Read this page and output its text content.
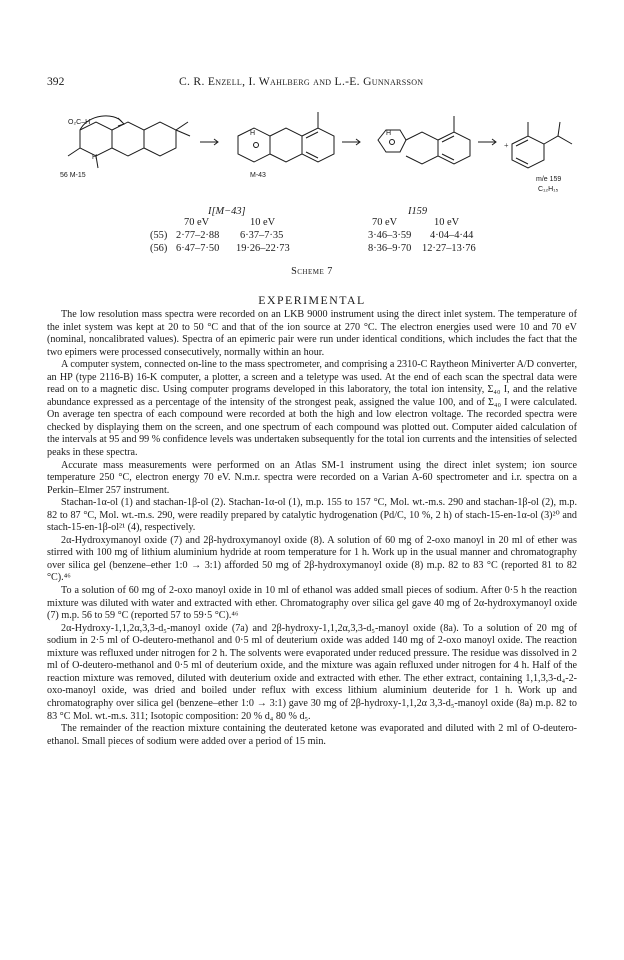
392	C. R. Enzell, I. Wahlberg and L.-E. Gunnarsson
+
O₂C–H
H
56 M-15
H
M-43
H
m/e 159
C₁₂H₁₅
I[M−43]	I159
70 eV	10 eV	70 eV	10 eV
(55) 2·77–2·88 6·37–7·35	3·46–3·59 4·04–4·44
(56) 6·47–7·50 19·26–22·73	8·36–9·70 12·27–13·76
Scheme 7
EXPERIMENTAL

The low resolution mass spectra were recorded on an LKB 9000 instrument using the direct inlet system. The temperature of the inlet system was kept at 20 to 50 °C and that of the ion source at 270 °C. The electron energies used were 10 and 70 eV (nominal, noncalibrated values). Spectra of an epimeric pair were run under identical conditions, which includes the fact that the two epimers were processed consecutively, normally within an hour.

A computer system, connected on-line to the mass spectrometer, and comprising a 2310-C Raytheon Miniverter A/D converter, an HP (type 2116-B) 16-K computer, a plotter, a screen and a teletype was used. At the end of each scan the spectral data were read on to a magnetic disc. Using computer programs developed in this laboratory, the total ion intensity, Σ₄₀ I, and the relative abundance expressed as a percentage of the intensity of the strongest peak, assigned the value 100, and of Σ₄₀ I were calculated. On average ten spectra of each compound were recorded at both the high and low electron voltage. The recorded spectra were checked by displaying them on the screen, and one spectrum of each compound was plotted out. Computer aided calculation of the intervals at 95 and 99 % confidence levels was undertaken subsequently for the total ion currents and the intensities of selected peaks in these spectra.

Accurate mass measurements were performed on an Atlas SM-1 instrument using the direct inlet system; ion source temperature 250 °C, electron energy 70 eV. N.m.r. spectra were recorded on a Varian A-60 spectrometer and i.r. spectra on a Perkin–Elmer 257 instrument.

Stachan-1α-ol (1) and stachan-1β-ol (2). Stachan-1α-ol (1), m.p. 155 to 157 °C, Mol. wt.-m.s. 290 and stachan-1β-ol (2), m.p. 82 to 87 °C, Mol. wt.-m.s. 290, were readily prepared by catalytic hydrogenation (Pd/C, 10 %, 2 h) of stach-15-en-1α-ol (3)²⁰ and stach-15-en-1β-ol²¹ (4), respectively.

2α-Hydroxymanoyl oxide (7) and 2β-hydroxymanoyl oxide (8). A solution of 60 mg of 2-oxo manoyl in 20 ml of ether was stirred with 100 mg of lithium aluminium hydride at room temperature for 1 h. Work up in the usual manner and chromatography over silica gel (benzene–ether 1:0 → 3:1) afforded 50 mg of 2β-hydroxymanoyl oxide (8) m.p. 82 to 83 °C (reported 81 to 82 °C).⁴⁶

To a solution of 60 mg of 2-oxo manoyl oxide in 10 ml of ethanol was added small pieces of sodium. After 0·5 h the reaction mixture was diluted with water and extracted with ether. Chromatography over silica gel gave 40 mg of 2α-hydroxymanoyl oxide (7) m.p. 56 to 59 °C (reported 57 to 59·5 °C).⁴⁶

2α-Hydroxy-1,1,2α,3,3-d₅-manoyl oxide (7a) and 2β-hydroxy-1,1,2α,3,3-d₅-manoyl oxide (8a). To a solution of 20 mg of sodium in 2·5 ml of O-deutero-methanol and 0·5 ml of deuterium oxide was added 140 mg of 2-oxo manoyl oxide. The reaction mixture was refluxed under nitrogen for 2 h. The solvents were evaporated under reduced pressure. The residue was dissolved in 2 ml of O-deutero-methanol and 0·5 ml of deuterium oxide, and the mixture was again refluxed under nitrogen for 4 h. Half of the reaction mixture was removed, diluted with deuterium oxide and extracted with ether. The ether extract, containing 1,1,3,3-d₄-2-oxo-manoyl oxide, was dried and boiled under reflux with excess lithium aluminium deuteride for 1 h. Work up and chromatography over silica gel (benzene–ether 1:0 → 3:1) gave 30 mg of 2β-hydroxy-1,1,2α 3,3-d₅-manoyl oxide (8a) m.p. 82 to 83 °C Mol. wt.-m.s. 311; Isotopic composition: 20 % d₄ 80 % d₅.

The remainder of the reaction mixture containing the deuterated ketone was evaporated and diluted with 2 ml of O-deutero-ethanol. Small pieces of sodium were added over a period of 15 min.
